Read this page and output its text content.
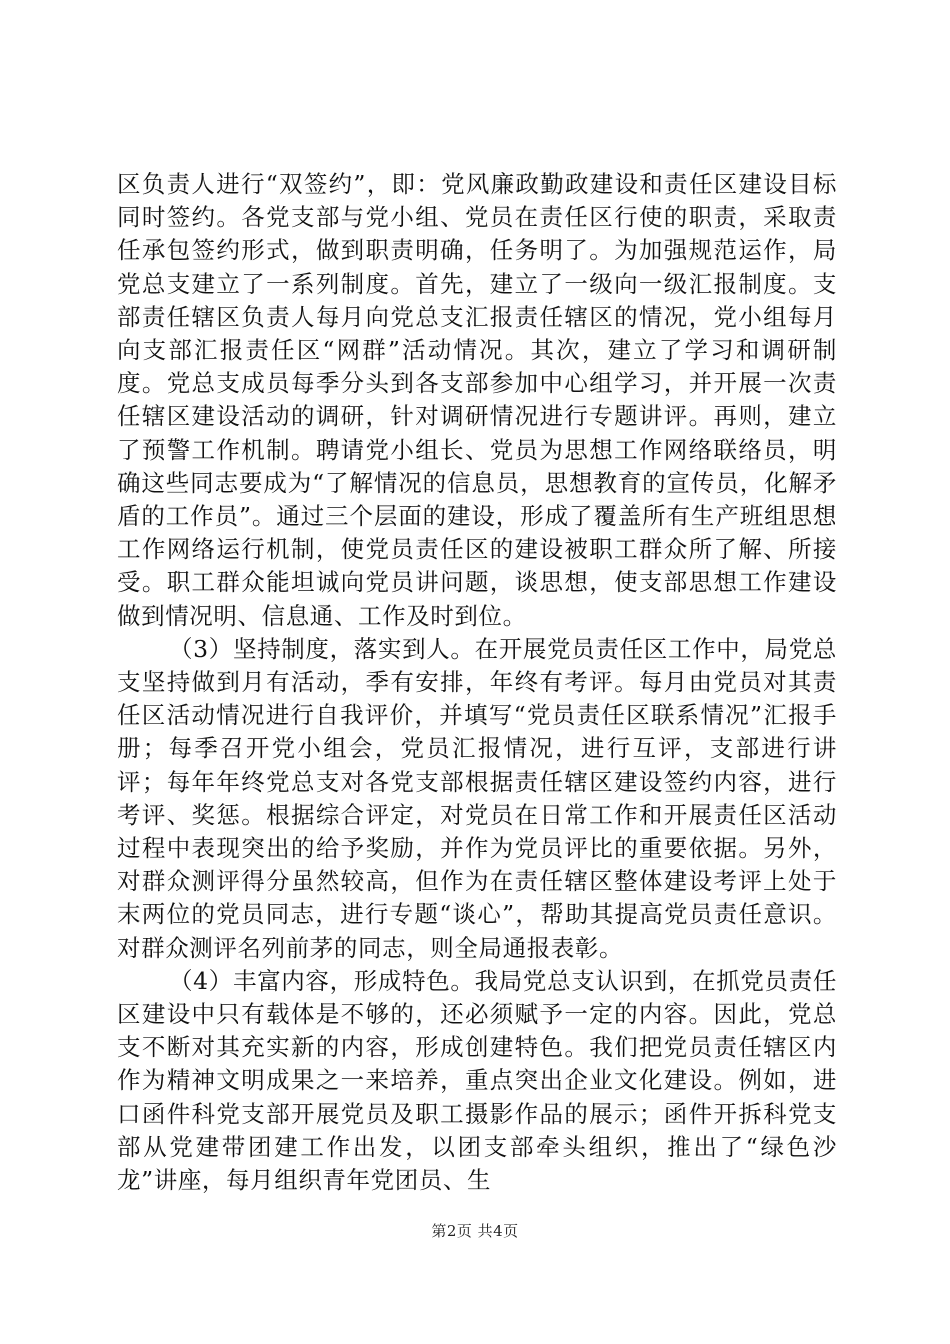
区负责人进行“双签约”，即：党风廉政勤政建设和责任区建设目标同时签约。各党支部与党小组、党员在责任区行使的职责，采取责任承包签约形式，做到职责明确，任务明了。为加强规范运作，局党总支建立了一系列制度。首先，建立了一级向一级汇报制度。支部责任辖区负责人每月向党总支汇报责任辖区的情况，党小组每月向支部汇报责任区“网群”活动情况。其次，建立了学习和调研制度。党总支成员每季分头到各支部参加中心组学习，并开展一次责任辖区建设活动的调研，针对调研情况进行专题讲评。再则，建立了预警工作机制。聘请党小组长、党员为思想工作网络联络员，明确这些同志要成为“了解情况的信息员，思想教育的宣传员，化解矛盾的工作员”。通过三个层面的建设，形成了覆盖所有生产班组思想工作网络运行机制，使党员责任区的建设被职工群众所了解、所接受。职工群众能坦诚向党员讲问题，谈思想，使支部思想工作建设做到情况明、信息通、工作及时到位。

（3）坚持制度，落实到人。在开展党员责任区工作中，局党总支坚持做到月有活动，季有安排，年终有考评。每月由党员对其责任区活动情况进行自我评价，并填写“党员责任区联系情况”汇报手册；每季召开党小组会，党员汇报情况，进行互评，支部进行讲评；每年年终党总支对各党支部根据责任辖区建设签约内容，进行考评、奖惩。根据综合评定，对党员在日常工作和开展责任区活动过程中表现突出的给予奖励，并作为党员评比的重要依据。另外，对群众测评得分虽然较高，但作为在责任辖区整体建设考评上处于末两位的党员同志，进行专题“谈心”，帮助其提高党员责任意识。对群众测评名列前茅的同志，则全局通报表彰。

（4）丰富内容，形成特色。我局党总支认识到，在抓党员责任区建设中只有载体是不够的，还必须赋予一定的内容。因此，党总支不断对其充实新的内容，形成创建特色。我们把党员责任辖区内作为精神文明成果之一来培养，重点突出企业文化建设。例如，进口函件科党支部开展党员及职工摄影作品的展示；函件开拆科党支部从党建带团建工作出发，以团支部牵头组织，推出了“绿色沙龙”讲座，每月组织青年党团员、生

第2页 共4页
